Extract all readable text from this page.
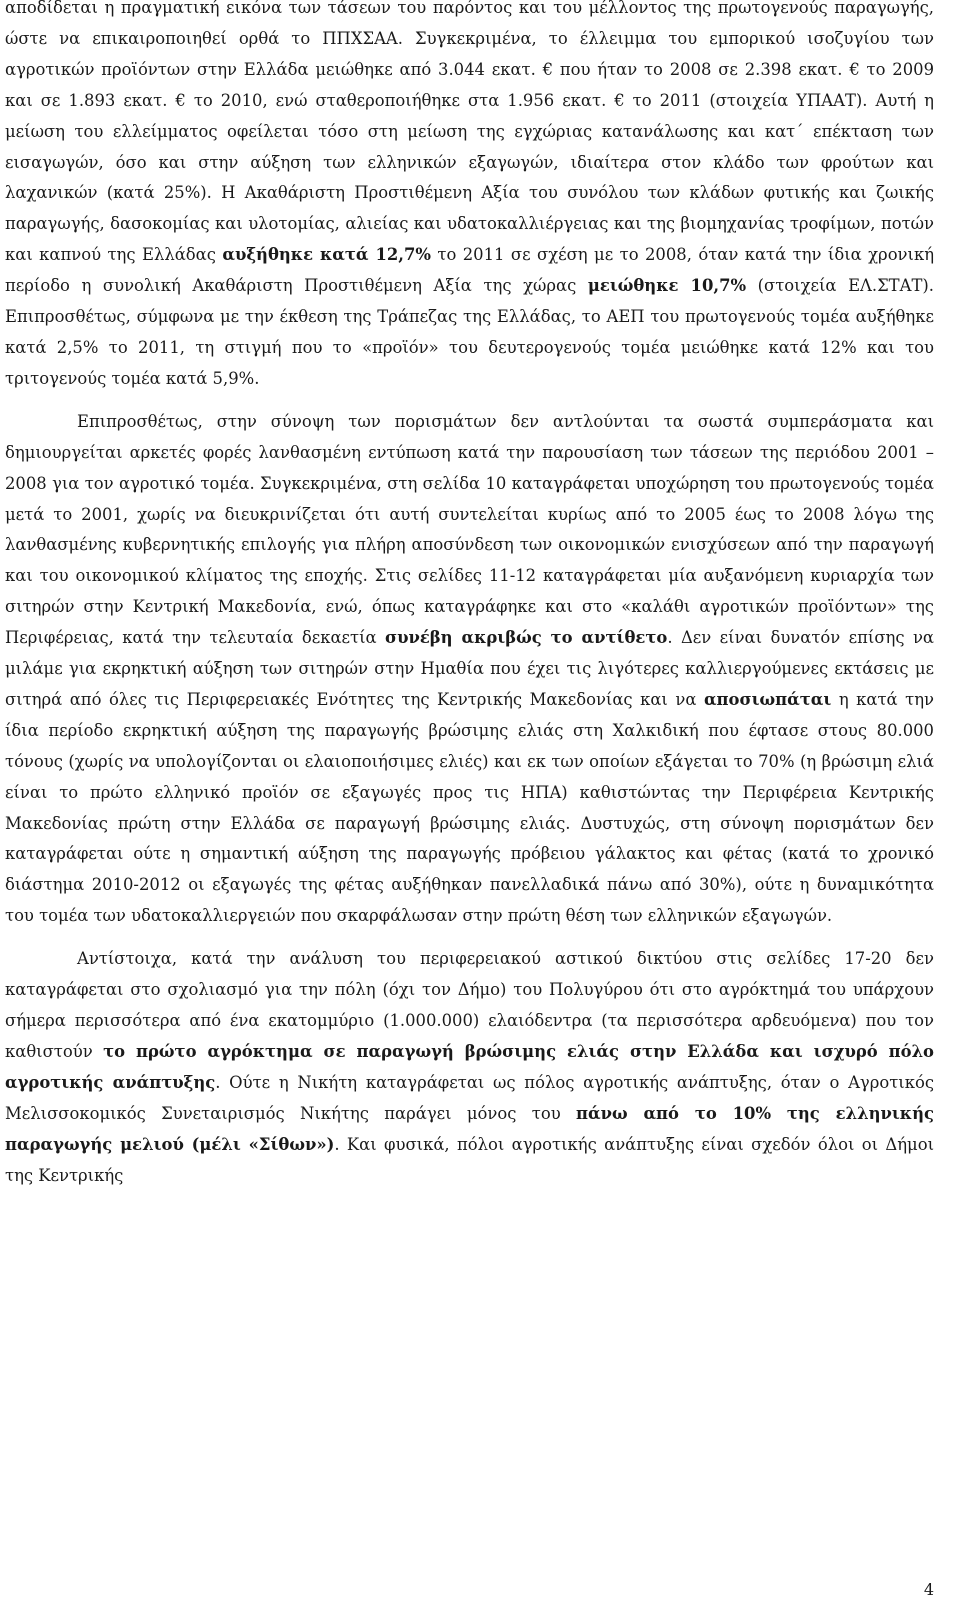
αποδίδεται η πραγματική εικόνα των τάσεων του παρόντος και του μέλλοντος της πρωτογενούς παραγωγής, ώστε να επικαιροποιηθεί ορθά το ΠΠΧΣΑΑ. Συγκεκριμένα, το έλλειμμα του εμπορικού ισοζυγίου των αγροτικών προϊόντων στην Ελλάδα μειώθηκε από 3.044 εκατ. € που ήταν το 2008 σε 2.398 εκατ. € το 2009 και σε 1.893 εκατ. € το 2010, ενώ σταθεροποιήθηκε στα 1.956 εκατ. € το 2011 (στοιχεία ΥΠΑΑΤ). Αυτή η μείωση του ελλείμματος οφείλεται τόσο στη μείωση της εγχώριας κατανάλωσης και κατ΄ επέκταση των εισαγωγών, όσο και στην αύξηση των ελληνικών εξαγωγών, ιδιαίτερα στον κλάδο των φρούτων και λαχανικών (κατά 25%). Η Ακαθάριστη Προστιθέμενη Αξία του συνόλου των κλάδων φυτικής και ζωικής παραγωγής, δασοκομίας και υλοτομίας, αλιείας και υδατοκαλλιέργειας και της βιομηχανίας τροφίμων, ποτών και καπνού της Ελλάδας αυξήθηκε κατά 12,7% το 2011 σε σχέση με το 2008, όταν κατά την ίδια χρονική περίοδο η συνολική Ακαθάριστη Προστιθέμενη Αξία της χώρας μειώθηκε 10,7% (στοιχεία ΕΛ.ΣΤΑΤ). Επιπροσθέτως, σύμφωνα με την έκθεση της Τράπεζας της Ελλάδας, το ΑΕΠ του πρωτογενούς τομέα αυξήθηκε κατά 2,5% το 2011, τη στιγμή που το «προϊόν» του δευτερογενούς τομέα μειώθηκε κατά 12% και του τριτογενούς τομέα κατά 5,9%.

Επιπροσθέτως, στην σύνοψη των πορισμάτων δεν αντλούνται τα σωστά συμπεράσματα και δημιουργείται αρκετές φορές λανθασμένη εντύπωση κατά την παρουσίαση των τάσεων της περιόδου 2001 – 2008 για τον αγροτικό τομέα. Συγκεκριμένα, στη σελίδα 10 καταγράφεται υποχώρηση του πρωτογενούς τομέα μετά το 2001, χωρίς να διευκρινίζεται ότι αυτή συντελείται κυρίως από το 2005 έως το 2008 λόγω της λανθασμένης κυβερνητικής επιλογής για πλήρη αποσύνδεση των οικονομικών ενισχύσεων από την παραγωγή και του οικονομικού κλίματος της εποχής. Στις σελίδες 11-12 καταγράφεται μία αυξανόμενη κυριαρχία των σιτηρών στην Κεντρική Μακεδονία, ενώ, όπως καταγράφηκε και στο «καλάθι αγροτικών προϊόντων» της Περιφέρειας, κατά την τελευταία δεκαετία συνέβη ακριβώς το αντίθετο. Δεν είναι δυνατόν επίσης να μιλάμε για εκρηκτική αύξηση των σιτηρών στην Ημαθία που έχει τις λιγότερες καλλιεργούμενες εκτάσεις με σιτηρά από όλες τις Περιφερειακές Ενότητες της Κεντρικής Μακεδονίας και να αποσιωπάται η κατά την ίδια περίοδο εκρηκτική αύξηση της παραγωγής βρώσιμης ελιάς στη Χαλκιδική που έφτασε στους 80.000 τόνους (χωρίς να υπολογίζονται οι ελαιοποιήσιμες ελιές) και εκ των οποίων εξάγεται το 70% (η βρώσιμη ελιά είναι το πρώτο ελληνικό προϊόν σε εξαγωγές προς τις ΗΠΑ) καθιστώντας την Περιφέρεια Κεντρικής Μακεδονίας πρώτη στην Ελλάδα σε παραγωγή βρώσιμης ελιάς. Δυστυχώς, στη σύνοψη πορισμάτων δεν καταγράφεται ούτε η σημαντική αύξηση της παραγωγής πρόβειου γάλακτος και φέτας (κατά το χρονικό διάστημα 2010-2012 οι εξαγωγές της φέτας αυξήθηκαν πανελλαδικά πάνω από 30%), ούτε η δυναμικότητα του τομέα των υδατοκαλλιεργειών που σκαρφάλωσαν στην πρώτη θέση των ελληνικών εξαγωγών.

Αντίστοιχα, κατά την ανάλυση του περιφερειακού αστικού δικτύου στις σελίδες 17-20 δεν καταγράφεται στο σχολιασμό για την πόλη (όχι τον Δήμο) του Πολυγύρου ότι στο αγρόκτημά του υπάρχουν σήμερα περισσότερα από ένα εκατομμύριο (1.000.000) ελαιόδεντρα (τα περισσότερα αρδευόμενα) που τον καθιστούν το πρώτο αγρόκτημα σε παραγωγή βρώσιμης ελιάς στην Ελλάδα και ισχυρό πόλο αγροτικής ανάπτυξης. Ούτε η Νικήτη καταγράφεται ως πόλος αγροτικής ανάπτυξης, όταν ο Αγροτικός Μελισσοκομικός Συνεταιρισμός Νικήτης παράγει μόνος του πάνω από το 10% της ελληνικής παραγωγής μελιού (μέλι «Σίθων»). Και φυσικά, πόλοι αγροτικής ανάπτυξης είναι σχεδόν όλοι οι Δήμοι της Κεντρικής

4
